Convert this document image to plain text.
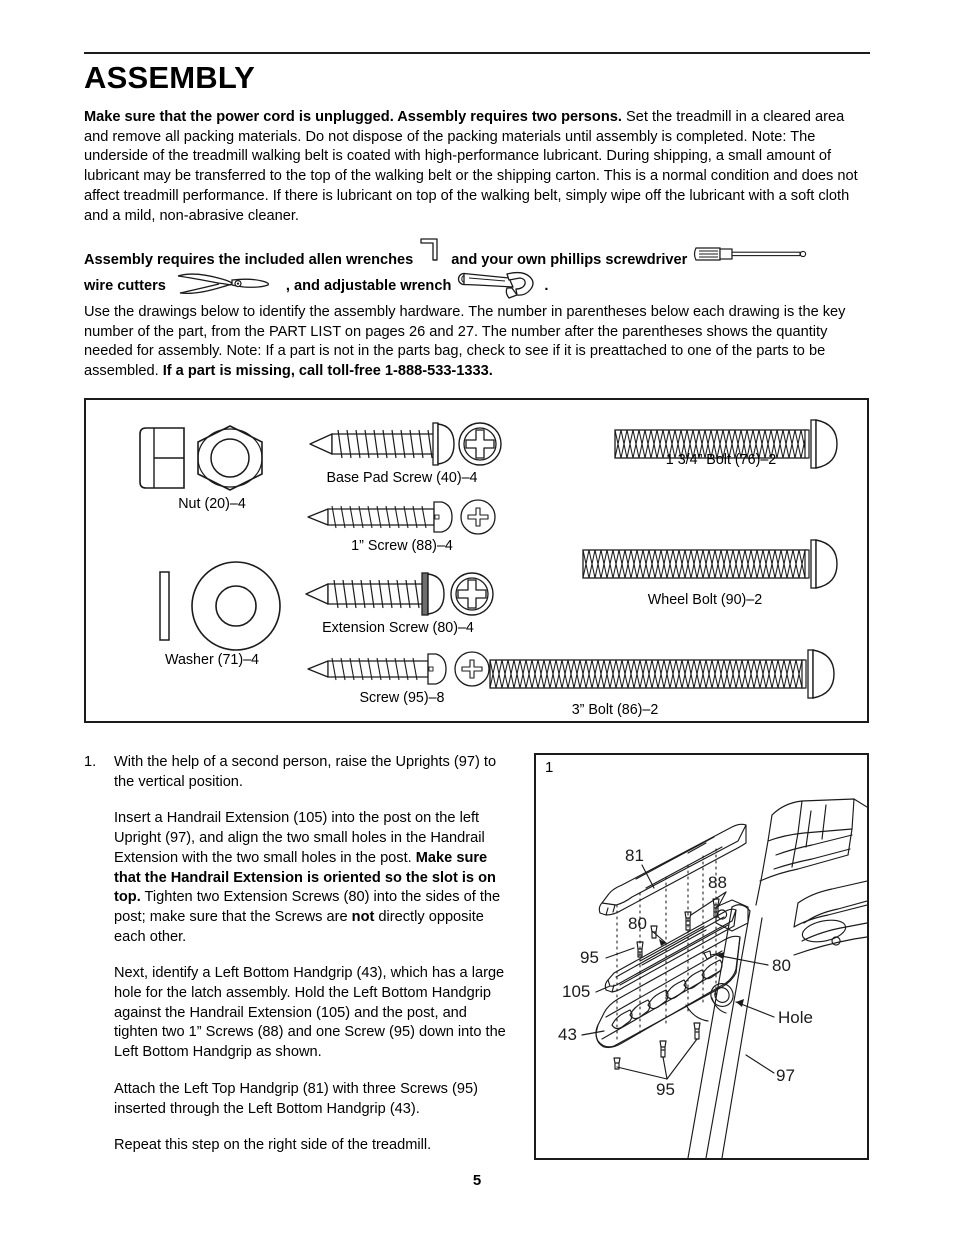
ASSEMBLY
Make sure that the power cord is unplugged. Assembly requires two persons. Set the treadmill in a cleared area and remove all packing materials. Do not dispose of the packing materials until assembly is completed. Note: The underside of the treadmill walking belt is coated with high-performance lubricant. During shipping, a small amount of lubricant may be transferred to the top of the walking belt or the shipping carton. This is a normal condition and does not affect treadmill performance. If there is lubricant on top of the walking belt, simply wipe off the lubricant with a soft cloth and a mild, non-abrasive cleaner.
Assembly requires the included allen wrenches	and your own phillips screwdriver
wire cutters	, and adjustable wrench	.
Use the drawings below to identify the assembly hardware. The number in parentheses below each drawing is the key number of the part, from the PART LIST on pages 26 and 27. The number after the parentheses shows the quantity needed for assembly. Note: If a part is not in the parts bag, check to see if it is preattached to one of the parts to be assembled. If a part is missing, call toll-free 1-888-533-1333.
Nut (20)–4
Washer (71)–4
Base Pad Screw (40)–4
1” Screw (88)–4
Extension Screw (80)–4
Screw (95)–8
1 3/4” Bolt (76)–2
Wheel Bolt (90)–2
3” Bolt (86)–2
1.	With the help of a second person, raise the Uprights (97) to the vertical position.
Insert a Handrail Extension (105) into the post on the left Upright (97), and align the two small holes in the Handrail Extension with the two small holes in the post. Make sure that the Handrail Extension is oriented so the slot is on top. Tighten two Extension Screws (80) into the sides of the post; make sure that the Screws are not directly opposite each other.
Next, identify a Left Bottom Handgrip (43), which has a large hole for the latch assembly. Hold the Left Bottom Handgrip against the Handrail Extension (105) and the post, and tighten two 1” Screws (88) and one Screw (95) down into the Left Bottom Handgrip as shown.
Attach the Left Top Handgrip (81) with three Screws (95) inserted through the Left Bottom Handgrip (43).
Repeat this step on the right side of the treadmill.
1
81
88
80
95	80
105
Hole
43
97
95
5
